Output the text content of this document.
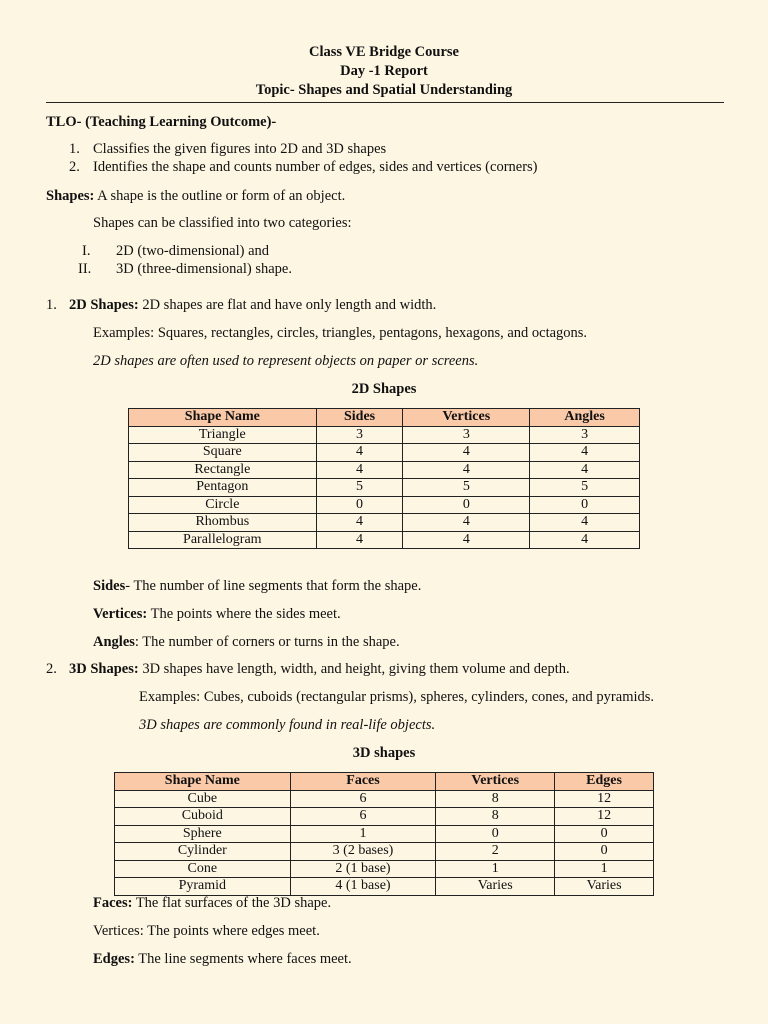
Class VE Bridge Course
Day -1 Report
Topic- Shapes and Spatial Understanding
TLO- (Teaching Learning Outcome)-
1. Classifies the given figures into 2D and 3D shapes
2. Identifies the shape and counts number of edges, sides and vertices (corners)
Shapes: A shape is the outline or form of an object.
Shapes can be classified into two categories:
I. 2D (two-dimensional) and
II. 3D (three-dimensional) shape.
1. 2D Shapes: 2D shapes are flat and have only length and width.
Examples: Squares, rectangles, circles, triangles, pentagons, hexagons, and octagons.
2D shapes are often used to represent objects on paper or screens.
2D Shapes
Shape Name	Sides	Vertices	Angles
Triangle	3	3	3
Square	4	4	4
Rectangle	4	4	4
Pentagon	5	5	5
Circle	0	0	0
Rhombus	4	4	4
Parallelogram	4	4	4
Sides- The number of line segments that form the shape.
Vertices: The points where the sides meet.
Angles: The number of corners or turns in the shape.
2. 3D Shapes: 3D shapes have length, width, and height, giving them volume and depth.
Examples: Cubes, cuboids (rectangular prisms), spheres, cylinders, cones, and pyramids.
3D shapes are commonly found in real-life objects.
3D shapes
Shape Name	Faces	Vertices	Edges
Cube	6	8	12
Cuboid	6	8	12
Sphere	1	0	0
Cylinder	3 (2 bases)	2	0
Cone	2 (1 base)	1	1
Pyramid	4 (1 base)	Varies	Varies
Faces: The flat surfaces of the 3D shape.
Vertices: The points where edges meet.
Edges: The line segments where faces meet.
